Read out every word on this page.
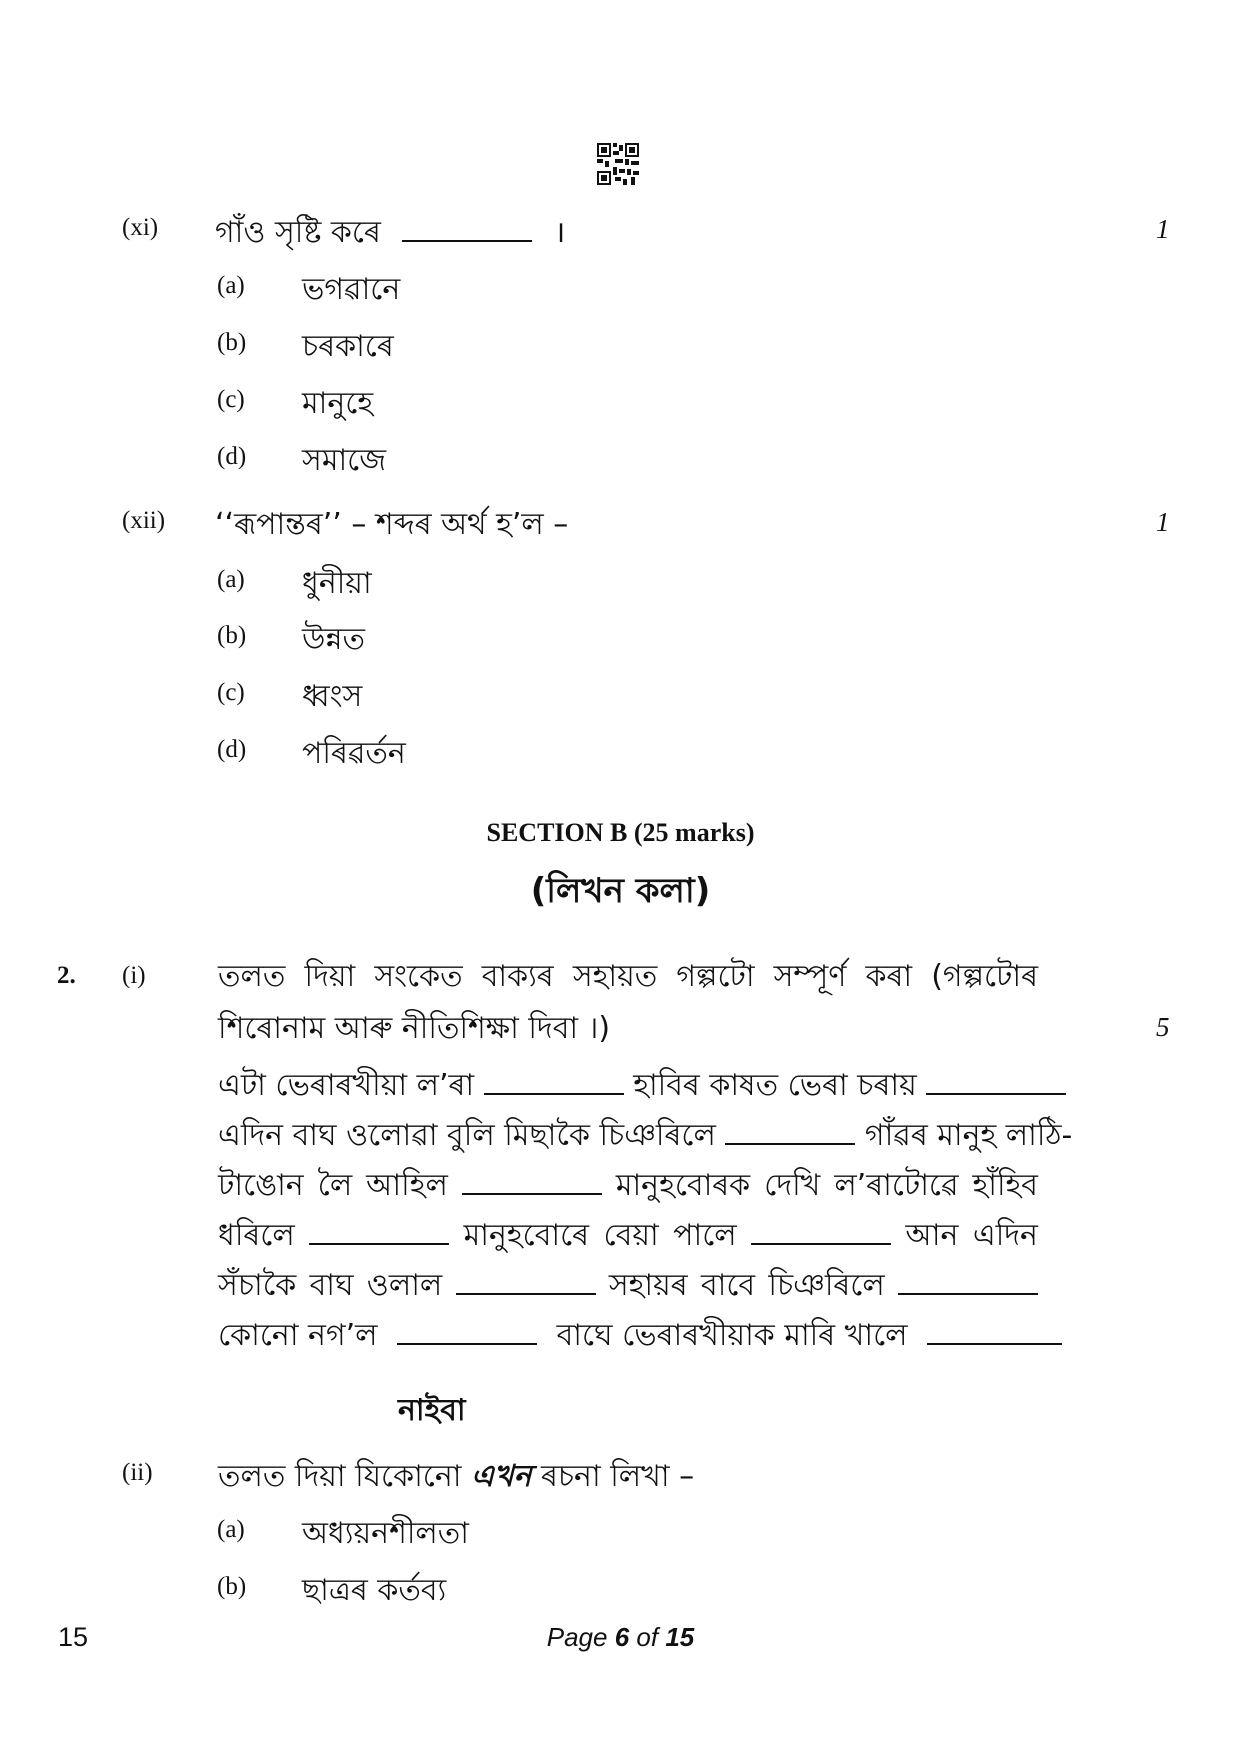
(xi) গাঁও সৃষ্টি কৰে	।	1
(a) ভগৱানে
(b) চৰকাৰে
(c) মানুহে
(d) সমাজে
(xii) ‘‘ৰূপান্তৰ’’ – শব্দৰ অৰ্থ হ’ল –	1
(a) ধুনীয়া
(b) উন্নত
(c) ধ্বংস
(d) পৰিৱৰ্তন
SECTION B (25 marks)
(লিখন কলা)
2. (i) তলত দিয়া সংকেত বাক্যৰ সহায়ত গল্পটো সম্পূৰ্ণ কৰা (গল্পটোৰ
শিৰোনাম আৰু নীতিশিক্ষা দিবা ।)	5
এটা ভেৰাৰখীয়া ল’ৰা	হাবিৰ কাষত ভেৰা চৰায়
এদিন বাঘ ওলোৱা বুলি মিছাকৈ চিঞৰিলে	গাঁৱৰ মানুহ লাঠি-
টাঙোন লৈ আহিল	মানুহবোৰক দেখি ল’ৰাটোৱে হাঁহিব
ধৰিলে	মানুহবোৰে বেয়া পালে	আন এদিন
সঁচাকৈ বাঘ ওলাল	সহায়ৰ বাবে চিঞৰিলে
কোনো নগ’ল	বাঘে ভেৰাৰখীয়াক মাৰি খালে
নাইবা
(ii) তলত দিয়া যিকোনো এখন ৰচনা লিখা –
(a) অধ্যয়নশীলতা
(b) ছাত্ৰৰ কৰ্তব্য
15	Page 6 of 15
